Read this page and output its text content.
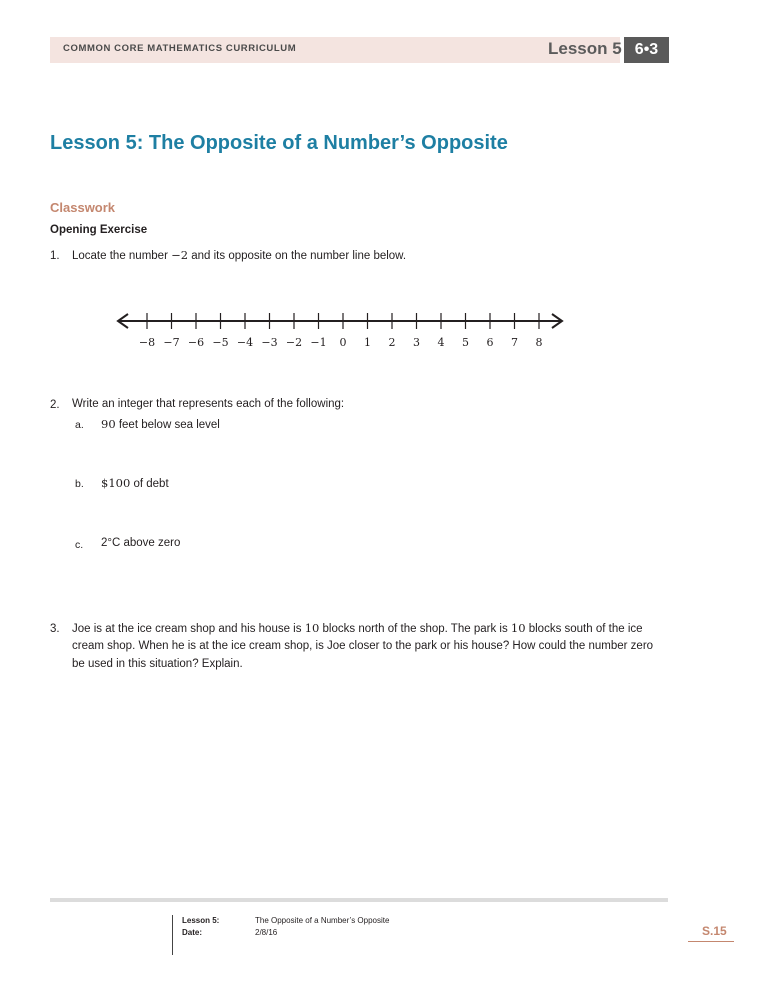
COMMON CORE MATHEMATICS CURRICULUM	Lesson 5 6•3
Lesson 5: The Opposite of a Number’s Opposite
Classwork
Opening Exercise
1. Locate the number −2 and its opposite on the number line below.
−8 −7 −6 −5 −4 −3 −2 −1 0 1 2 3 4 5 6 7 8
2. Write an integer that represents each of the following:
a. 90 feet below sea level
b. $100 of debt
c. 2°C above zero
3. Joe is at the ice cream shop and his house is 10 blocks north of the shop. The park is 10 blocks south of the ice
cream shop. When he is at the ice cream shop, is Joe closer to the park or his house? How could the number zero
be used in this situation? Explain.
Lesson 5:	The Opposite of a Number’s Opposite
Date:	2/8/16	S.15
